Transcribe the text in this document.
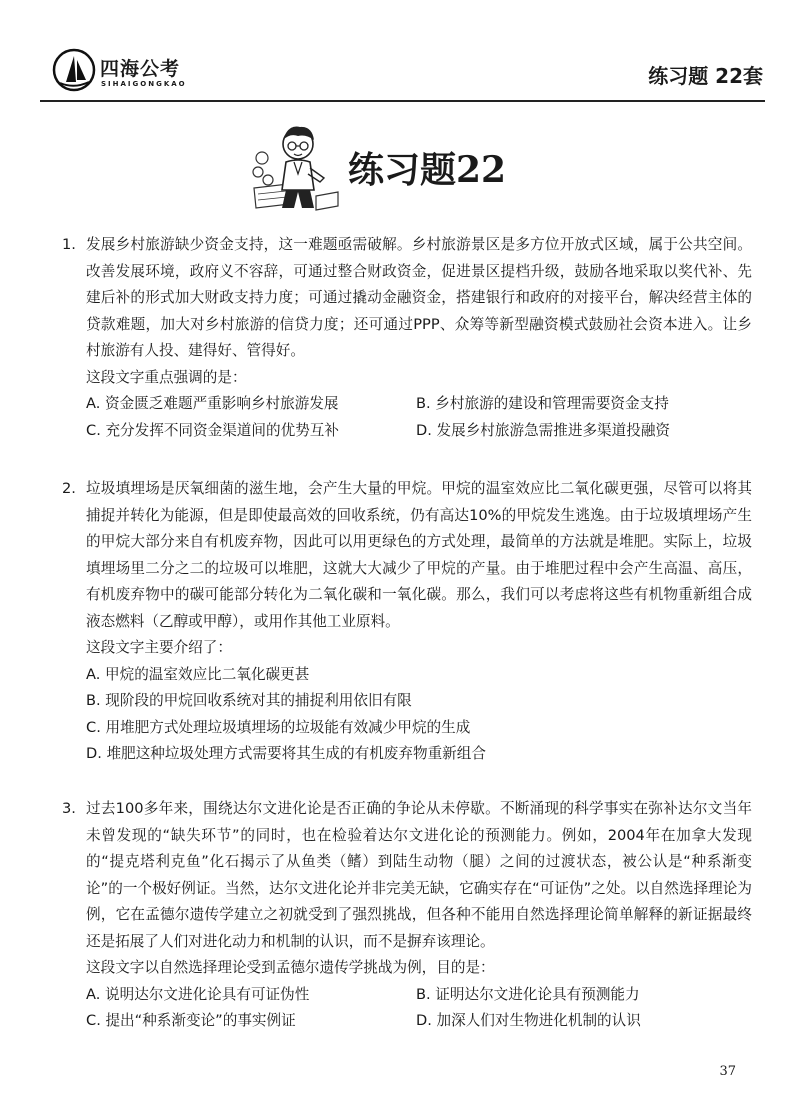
四海公考
SIHAIGONGKAO	练习题 22套
练习题22
1. 发展乡村旅游缺少资金支持，这一难题亟需破解。乡村旅游景区是多方位开放式区域，属于公共空间。改善发展环境，政府义不容辞，可通过整合财政资金，促进景区提档升级，鼓励各地采取以奖代补、先建后补的形式加大财政支持力度；可通过撬动金融资金，搭建银行和政府的对接平台，解决经营主体的贷款难题，加大对乡村旅游的信贷力度；还可通过PPP、众筹等新型融资模式鼓励社会资本进入。让乡村旅游有人投、建得好、管得好。
这段文字重点强调的是：
A. 资金匮乏难题严重影响乡村旅游发展	B. 乡村旅游的建设和管理需要资金支持
C. 充分发挥不同资金渠道间的优势互补	D. 发展乡村旅游急需推进多渠道投融资
2. 垃圾填埋场是厌氧细菌的滋生地，会产生大量的甲烷。甲烷的温室效应比二氧化碳更强，尽管可以将其捕捉并转化为能源，但是即使最高效的回收系统，仍有高达10%的甲烷发生逃逸。由于垃圾填埋场产生的甲烷大部分来自有机废弃物，因此可以用更绿色的方式处理，最简单的方法就是堆肥。实际上，垃圾填埋场里二分之二的垃圾可以堆肥，这就大大减少了甲烷的产量。由于堆肥过程中会产生高温、高压，有机废弃物中的碳可能部分转化为二氧化碳和一氧化碳。那么，我们可以考虑将这些有机物重新组合成液态燃料（乙醇或甲醇），或用作其他工业原料。
这段文字主要介绍了：
A. 甲烷的温室效应比二氧化碳更甚
B. 现阶段的甲烷回收系统对其的捕捉利用依旧有限
C. 用堆肥方式处理垃圾填埋场的垃圾能有效减少甲烷的生成
D. 堆肥这种垃圾处理方式需要将其生成的有机废弃物重新组合
3. 过去100多年来，围绕达尔文进化论是否正确的争论从未停歇。不断涌现的科学事实在弥补达尔文当年未曾发现的“缺失环节”的同时，也在检验着达尔文进化论的预测能力。例如，2004年在加拿大发现的“提克塔利克鱼”化石揭示了从鱼类（鳍）到陆生动物（腿）之间的过渡状态，被公认是“种系渐变论”的一个极好例证。当然，达尔文进化论并非完美无缺，它确实存在“可证伪”之处。以自然选择理论为例，它在孟德尔遗传学建立之初就受到了强烈挑战，但各种不能用自然选择理论简单解释的新证据最终还是拓展了人们对进化动力和机制的认识，而不是摒弃该理论。
这段文字以自然选择理论受到孟德尔遗传学挑战为例，目的是：
A. 说明达尔文进化论具有可证伪性	B. 证明达尔文进化论具有预测能力
C. 提出“种系渐变论”的事实例证	D. 加深人们对生物进化机制的认识
37
